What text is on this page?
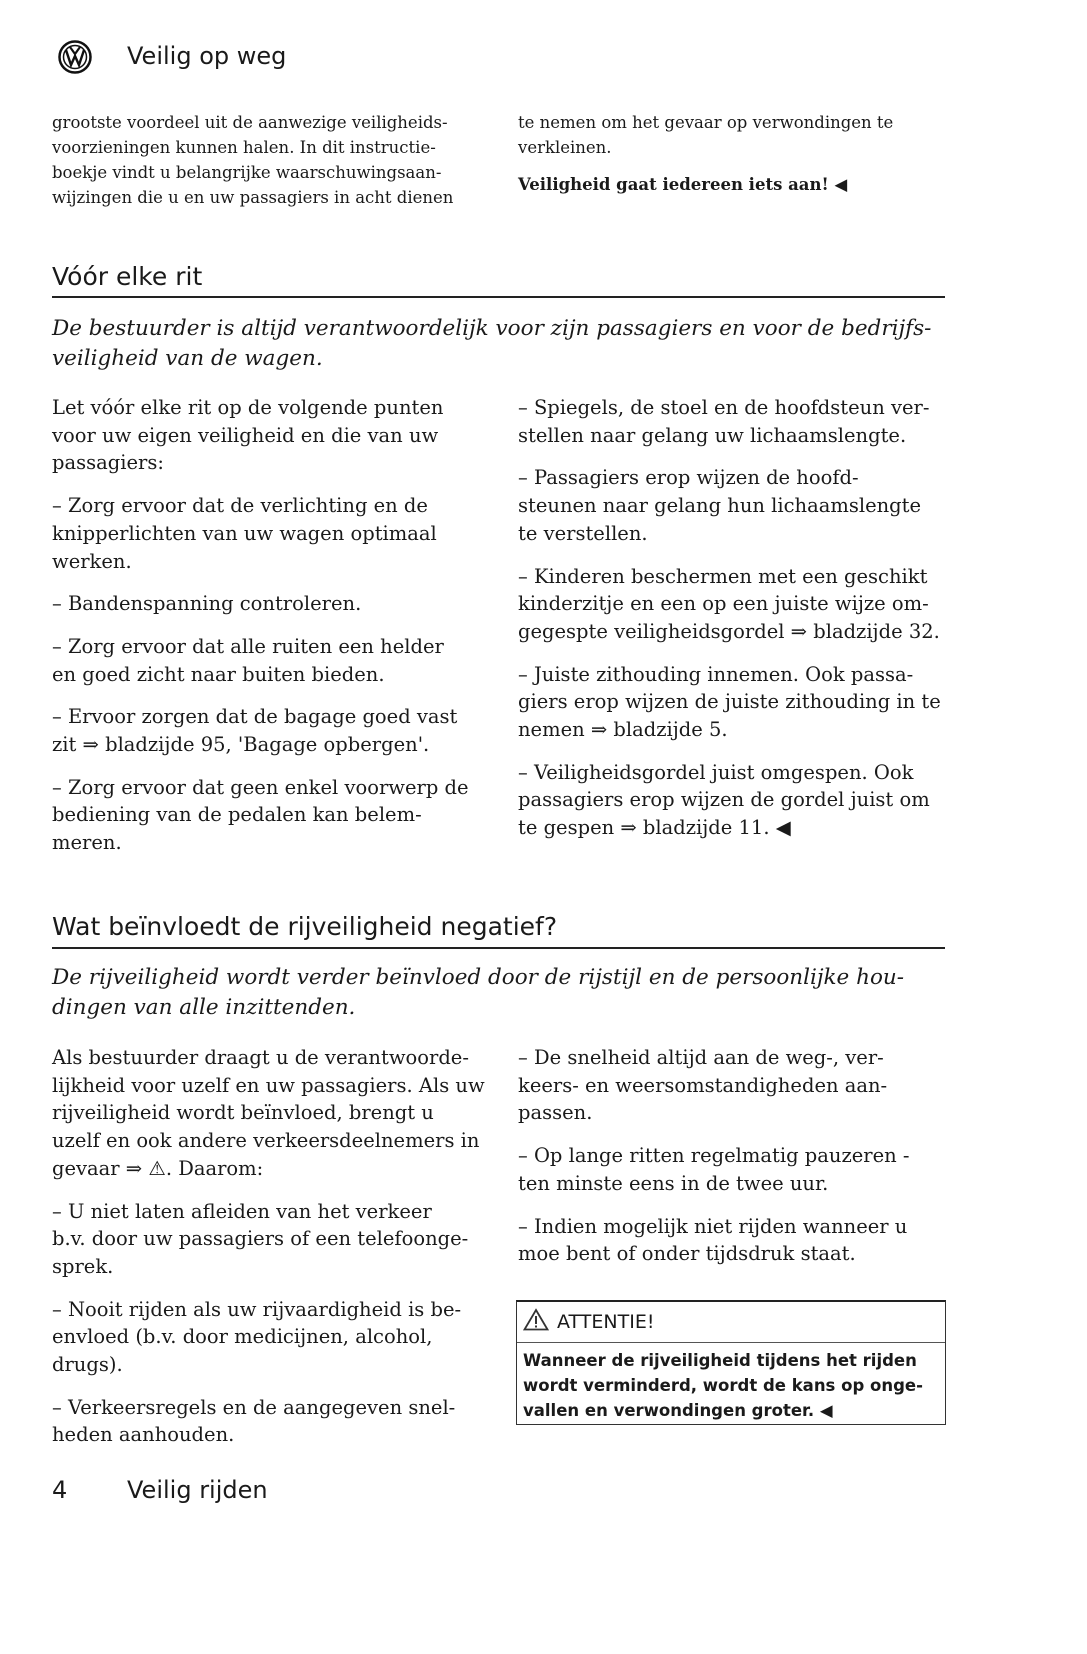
Veilig op weg
grootste voordeel uit de aanwezige veiligheids-
voorzieningen kunnen halen. In dit instructie-
boekje vindt u belangrijke waarschuwingsaan-
wijzingen die u en uw passagiers in acht dienen
te nemen om het gevaar op verwondingen te
verkleinen.
Veiligheid gaat iedereen iets aan! ◀
Vóór elke rit
De bestuurder is altijd verantwoordelijk voor zijn passagiers en voor de bedrijfs-
veiligheid van de wagen.
Let vóór elke rit op de volgende punten
voor uw eigen veiligheid en die van uw
passagiers:
– Zorg ervoor dat de verlichting en de
knipperlichten van uw wagen optimaal
werken.
– Bandenspanning controleren.
– Zorg ervoor dat alle ruiten een helder
en goed zicht naar buiten bieden.
– Ervoor zorgen dat de bagage goed vast
zit ⇒ bladzijde 95, 'Bagage opbergen'.
– Zorg ervoor dat geen enkel voorwerp de
bediening van de pedalen kan belem-
meren.
– Spiegels, de stoel en de hoofdsteun ver-
stellen naar gelang uw lichaamslengte.
– Passagiers erop wijzen de hoofd-
steunen naar gelang hun lichaamslengte
te verstellen.
– Kinderen beschermen met een geschikt
kinderzitje en een op een juiste wijze om-
gegespte veiligheidsgordel ⇒ bladzijde 32.
– Juiste zithouding innemen. Ook passa-
giers erop wijzen de juiste zithouding in te
nemen ⇒ bladzijde 5.
– Veiligheidsgordel juist omgespen. Ook
passagiers erop wijzen de gordel juist om
te gespen ⇒ bladzijde 11. ◀
Wat beïnvloedt de rijveiligheid negatief?
De rijveiligheid wordt verder beïnvloed door de rijstijl en de persoonlijke hou-
dingen van alle inzittenden.
Als bestuurder draagt u de verantwoorde-
lijkheid voor uzelf en uw passagiers. Als uw
rijveiligheid wordt beïnvloed, brengt u
uzelf en ook andere verkeersdeelnemers in
gevaar ⇒ ⚠. Daarom:
– U niet laten afleiden van het verkeer
b.v. door uw passagiers of een telefoonge-
sprek.
– Nooit rijden als uw rijvaardigheid is be-
envloed (b.v. door medicijnen, alcohol,
drugs).
– Verkeersregels en de aangegeven snel-
heden aanhouden.
– De snelheid altijd aan de weg-, ver-
keers- en weersomstandigheden aan-
passen.
– Op lange ritten regelmatig pauzeren -
ten minste eens in de twee uur.
– Indien mogelijk niet rijden wanneer u
moe bent of onder tijdsdruk staat.
ATTENTIE!
Wanneer de rijveiligheid tijdens het rijden
wordt verminderd, wordt de kans op onge-
vallen en verwondingen groter. ◀
4 Veilig rijden
